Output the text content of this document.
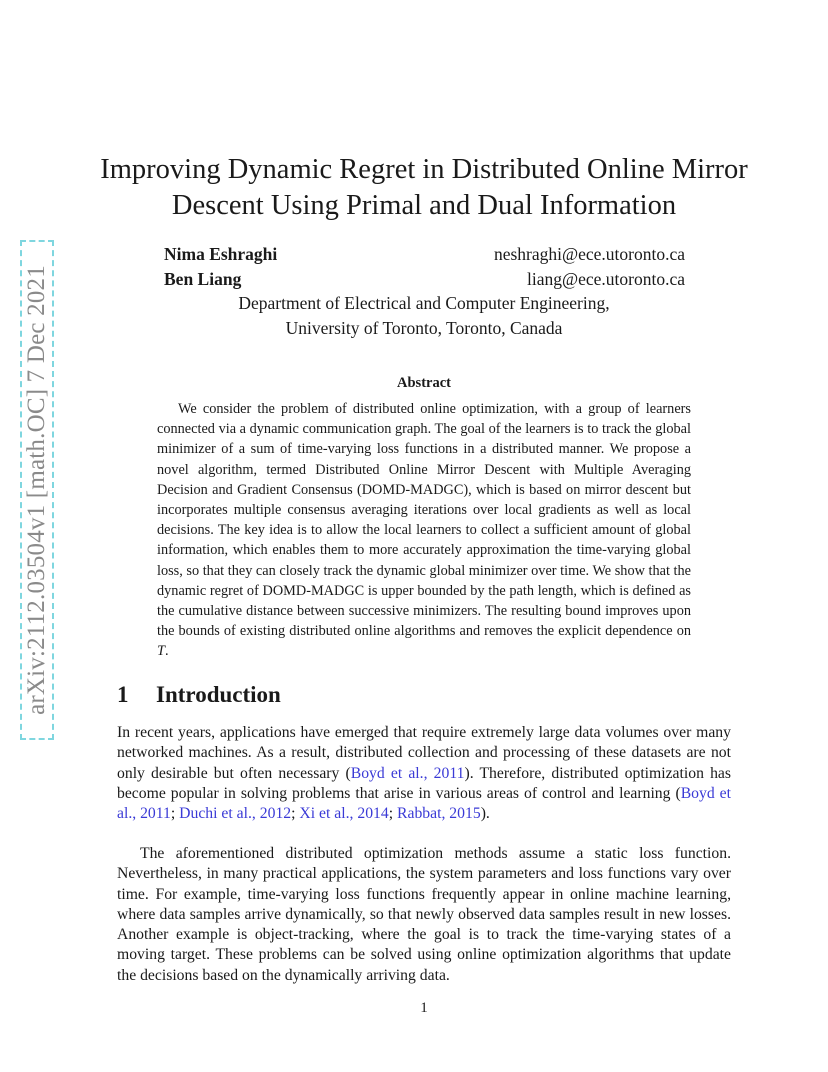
arXiv:2112.03504v1 [math.OC] 7 Dec 2021
Improving Dynamic Regret in Distributed Online Mirror Descent Using Primal and Dual Information
Nima Eshraghi	neshraghi@ece.utoronto.ca
Ben Liang	liang@ece.utoronto.ca
Department of Electrical and Computer Engineering,
University of Toronto, Toronto, Canada
Abstract

We consider the problem of distributed online optimization, with a group of learners connected via a dynamic communication graph. The goal of the learners is to track the global minimizer of a sum of time-varying loss functions in a distributed manner. We propose a novel algorithm, termed Distributed Online Mirror Descent with Multiple Averaging Decision and Gradient Consensus (DOMD-MADGC), which is based on mirror descent but incorporates multiple consensus averaging iterations over local gradients as well as local decisions. The key idea is to allow the local learners to collect a sufficient amount of global information, which enables them to more accurately approximation the time-varying global loss, so that they can closely track the dynamic global minimizer over time. We show that the dynamic regret of DOMD-MADGC is upper bounded by the path length, which is defined as the cumulative distance between successive minimizers. The resulting bound improves upon the bounds of existing distributed online algorithms and removes the explicit dependence on T.

1 Introduction

In recent years, applications have emerged that require extremely large data volumes over many networked machines. As a result, distributed collection and processing of these datasets are not only desirable but often necessary (Boyd et al., 2011). Therefore, distributed optimization has become popular in solving problems that arise in various areas of control and learning (Boyd et al., 2011; Duchi et al., 2012; Xi et al., 2014; Rabbat, 2015).

The aforementioned distributed optimization methods assume a static loss function. Nevertheless, in many practical applications, the system parameters and loss functions vary over time. For example, time-varying loss functions frequently appear in online machine learning, where data samples arrive dynamically, so that newly observed data samples result in new losses. Another example is object-tracking, where the goal is to track the time-varying states of a moving target. These problems can be solved using online optimization algorithms that update the decisions based on the dynamically arriving data.

1
